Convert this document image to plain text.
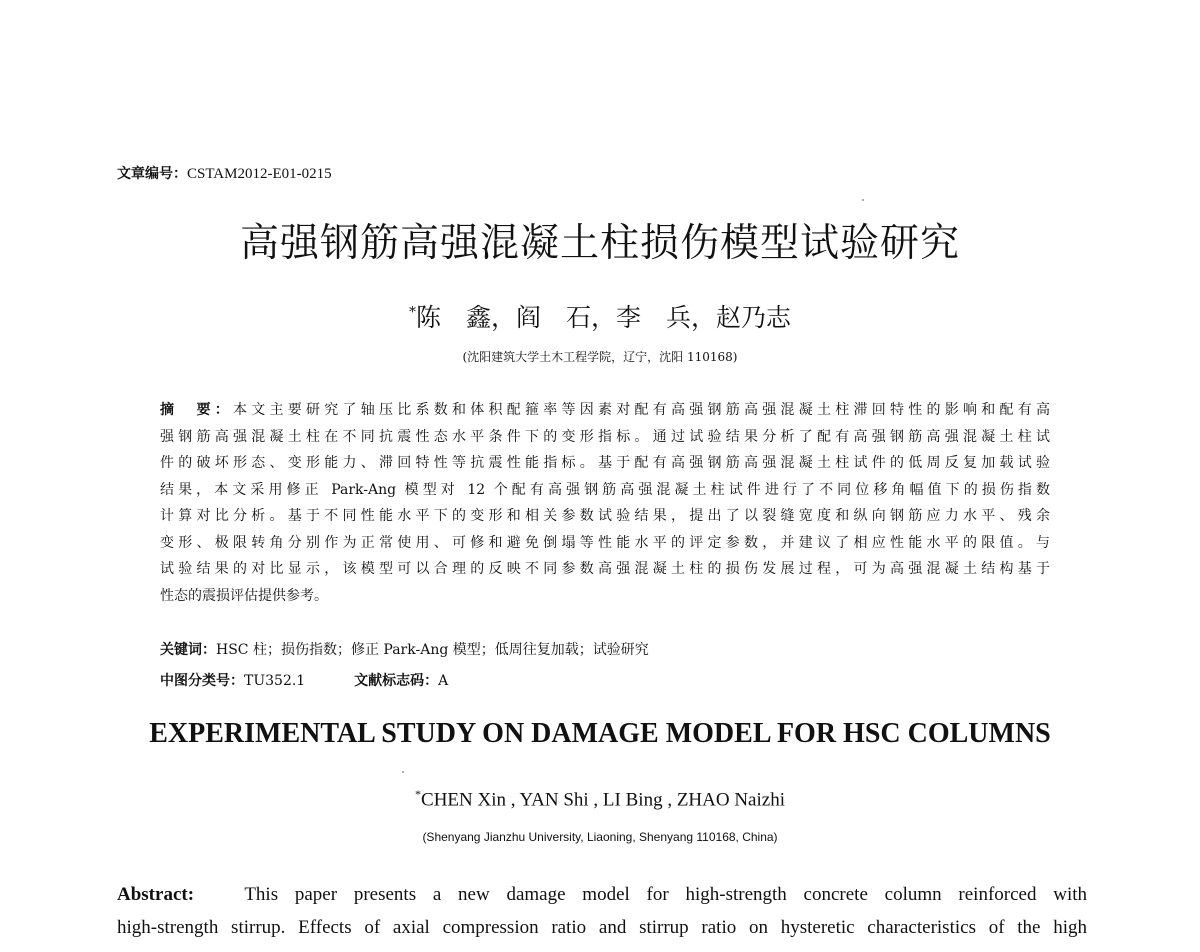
文章编号：CSTAM2012-E01-0215
高强钢筋高强混凝土柱损伤模型试验研究
*陈　鑫，阎　石，李　兵，赵乃志
(沈阳建筑大学土木工程学院，辽宁，沈阳 110168)
摘　要：本文主要研究了轴压比系数和体积配箍率等因素对配有高强钢筋高强混凝土柱滞回特性的影响和配有高
强钢筋高强混凝土柱在不同抗震性态水平条件下的变形指标。通过试验结果分析了配有高强钢筋高强混凝土柱试
件的破坏形态、变形能力、滞回特性等抗震性能指标。基于配有高强钢筋高强混凝土柱试件的低周反复加载试验
结果，本文采用修正 Park-Ang 模型对 12 个配有高强钢筋高强混凝土柱试件进行了不同位移角幅值下的损伤指数
计算对比分析。基于不同性能水平下的变形和相关参数试验结果，提出了以裂缝宽度和纵向钢筋应力水平、残余
变形、极限转角分别作为正常使用、可修和避免倒塌等性能水平的评定参数，并建议了相应性能水平的限值。与
试验结果的对比显示，该模型可以合理的反映不同参数高强混凝土柱的损伤发展过程，可为高强混凝土结构基于
性态的震损评估提供参考。
关键词：HSC 柱；损伤指数；修正 Park-Ang 模型；低周往复加载；试验研究
中图分类号：TU352.1	文献标志码：A
EXPERIMENTAL STUDY ON DAMAGE MODEL FOR HSC COLUMNS
*CHEN Xin , YAN Shi , LI Bing , ZHAO Naizhi
(Shenyang Jianzhu University, Liaoning, Shenyang 110168, China)
Abstract:	This paper presents a new damage model for high-strength concrete column reinforced with
high-strength stirrup. Effects of axial compression ratio and stirrup ratio on hysteretic characteristics of the high
